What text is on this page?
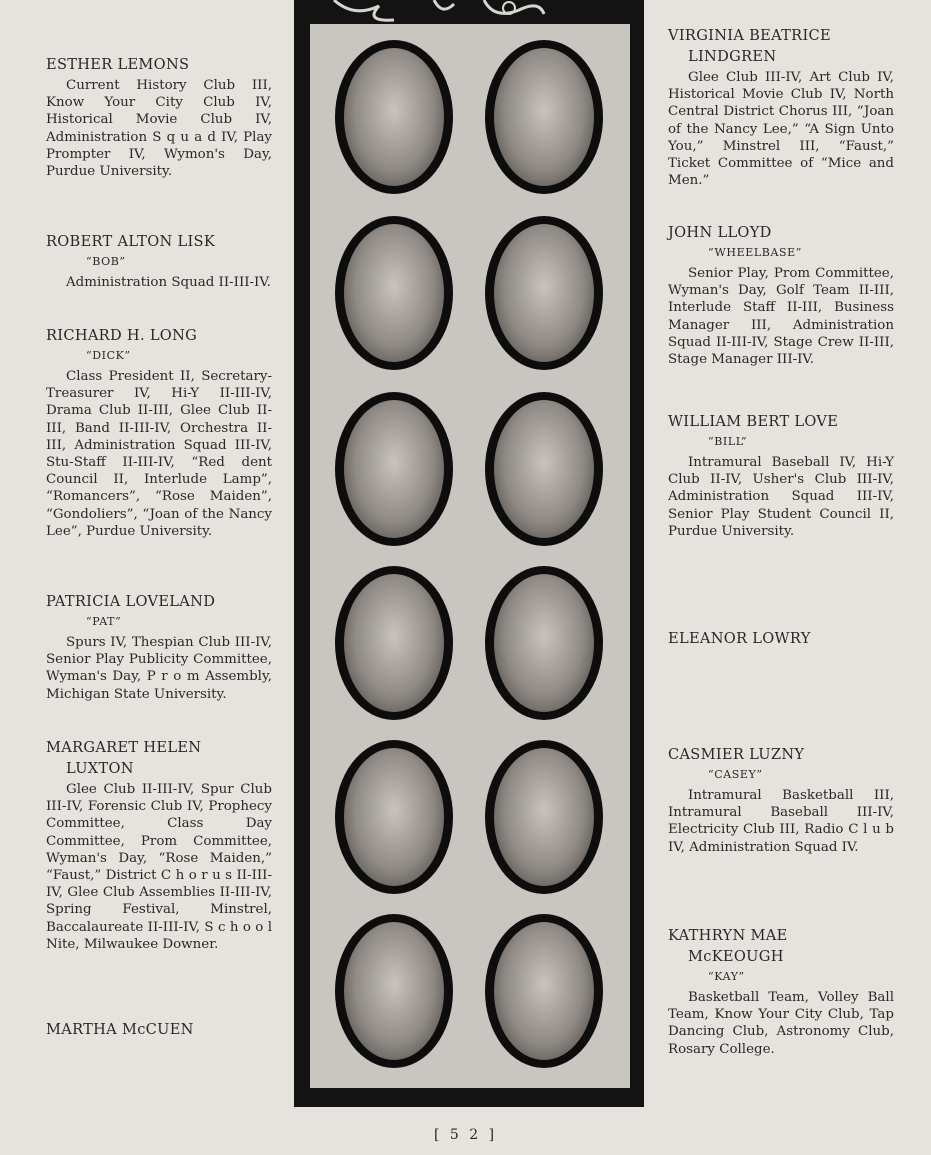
ESTHER LEMONS
Current History Club III, Know Your City Club IV, Historical Movie Club IV, Administration S q u a d IV, Play Prompter IV, Wymon's Day, Purdue University.
ROBERT ALTON LISK
“BOB”
Administration Squad II-III-IV.
RICHARD H. LONG
“DICK”
Class President II, Secretary-Treasurer IV, Hi-Y II-III-IV, Drama Club II-III, Glee Club II-III, Band II-III-IV, Orchestra II-III, Administration Squad III-IV, Stu-Staff II-III-IV, “Red dent Council II, Interlude Lamp”, “Romancers”, “Rose Maiden”, “Gondoliers”, “Joan of the Nancy Lee”, Purdue University.
PATRICIA LOVELAND
“PAT”
Spurs IV, Thespian Club III-IV, Senior Play Publicity Committee, Wyman's Day, P r o m Assembly, Michigan State University.
MARGARET HELEN
LUXTON
Glee Club II-III-IV, Spur Club III-IV, Forensic Club IV, Prophecy Committee, Class Day Committee, Prom Committee, Wyman's Day, “Rose Maiden,” “Faust,” District C h o r u s II-III-IV, Glee Club Assemblies II-III-IV, Spring Festival, Minstrel, Baccalaureate II-III-IV, S c h o o l Nite, Milwaukee Downer.
MARTHA McCUEN
VIRGINIA BEATRICE
LINDGREN
Glee Club III-IV, Art Club IV, Historical Movie Club IV, North Central District Chorus III, “Joan of the Nancy Lee,” “A Sign Unto You,” Minstrel III, “Faust,” Ticket Committee of “Mice and Men.”
JOHN LLOYD
“WHEELBASE”
Senior Play, Prom Committee, Wyman's Day, Golf Team II-III, Interlude Staff II-III, Business Manager III, Administration Squad II-III-IV, Stage Crew II-III, Stage Manager III-IV.
WILLIAM BERT LOVE
“BILL”
Intramural Baseball IV, Hi-Y Club II-IV, Usher's Club III-IV, Administration Squad III-IV, Senior Play Student Council II, Purdue University.
ELEANOR LOWRY
CASMIER LUZNY
“CASEY”
Intramural Basketball III, Intramural Baseball III-IV, Electricity Club III, Radio C l u b IV, Administration Squad IV.
KATHRYN MAE
McKEOUGH
“KAY”
Basketball Team, Volley Ball Team, Know Your City Club, Tap Dancing Club, Astronomy Club, Rosary College.
[ 5 2 ]
